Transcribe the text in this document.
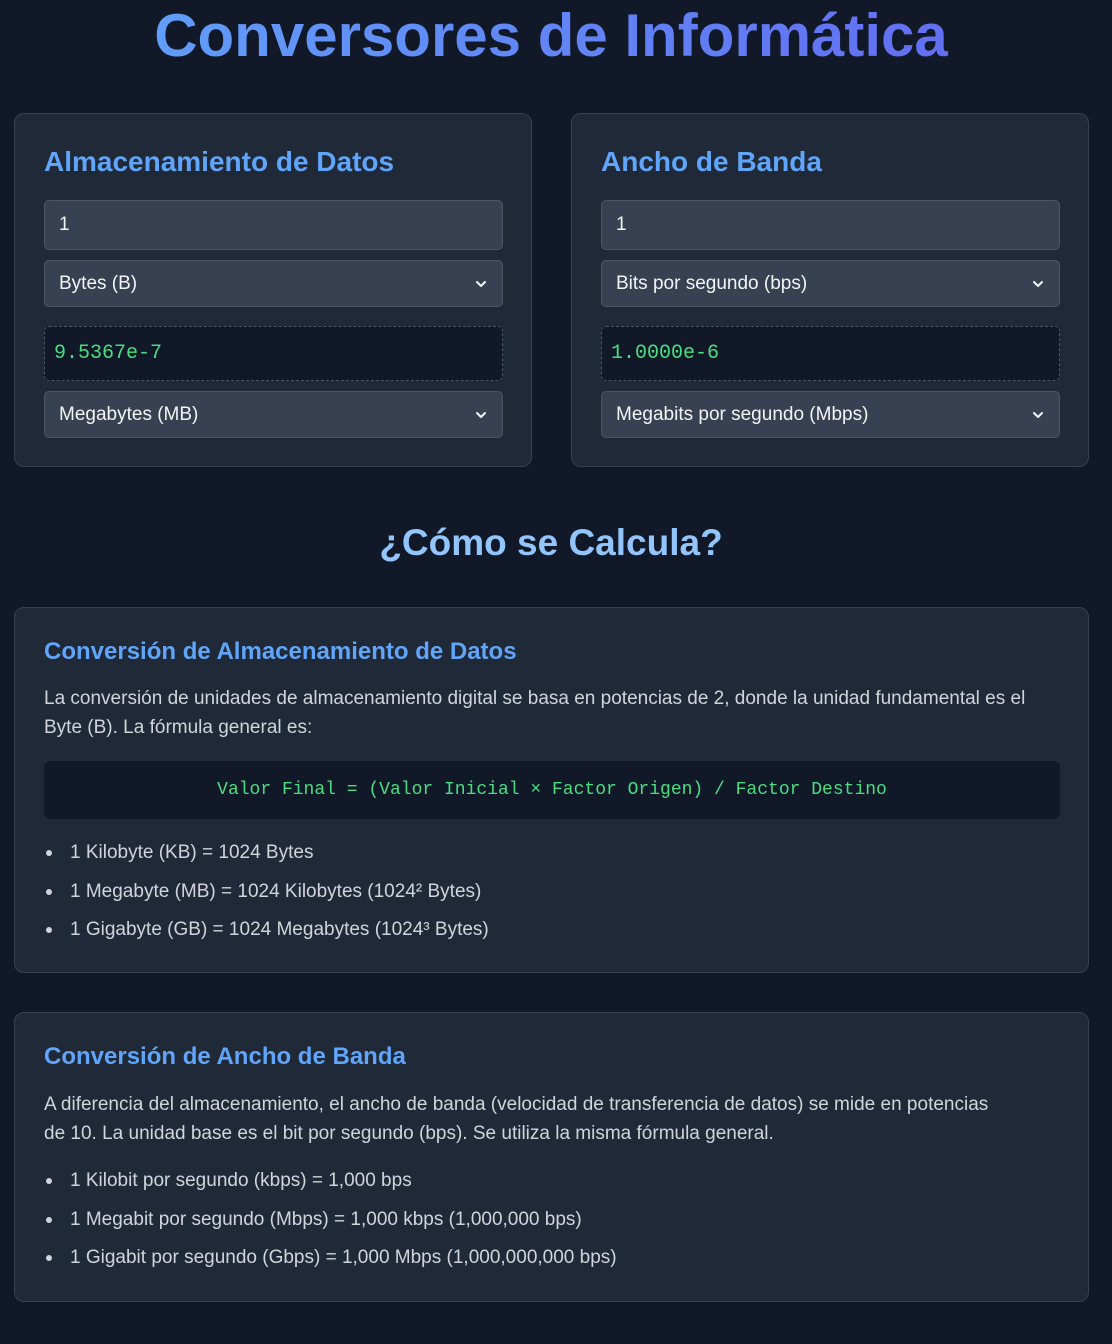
Conversores de Informática
Almacenamiento de Datos
1
Bytes (B)
9.5367e-7
Megabytes (MB)
Ancho de Banda
1
Bits por segundo (bps)
1.0000e-6
Megabits por segundo (Mbps)
¿Cómo se Calcula?
Conversión de Almacenamiento de Datos

La conversión de unidades de almacenamiento digital se basa en potencias de 2, donde la unidad fundamental es el Byte (B). La fórmula general es:

Valor Final = (Valor Inicial × Factor Origen) / Factor Destino
1 Kilobyte (KB) = 1024 Bytes
1 Megabyte (MB) = 1024 Kilobytes (1024² Bytes)
1 Gigabyte (GB) = 1024 Megabytes (1024³ Bytes)
Conversión de Ancho de Banda

A diferencia del almacenamiento, el ancho de banda (velocidad de transferencia de datos) se mide en potencias de 10. La unidad base es el bit por segundo (bps). Se utiliza la misma fórmula general.

1 Kilobit por segundo (kbps) = 1,000 bps
1 Megabit por segundo (Mbps) = 1,000 kbps (1,000,000 bps)
1 Gigabit por segundo (Gbps) = 1,000 Mbps (1,000,000,000 bps)
